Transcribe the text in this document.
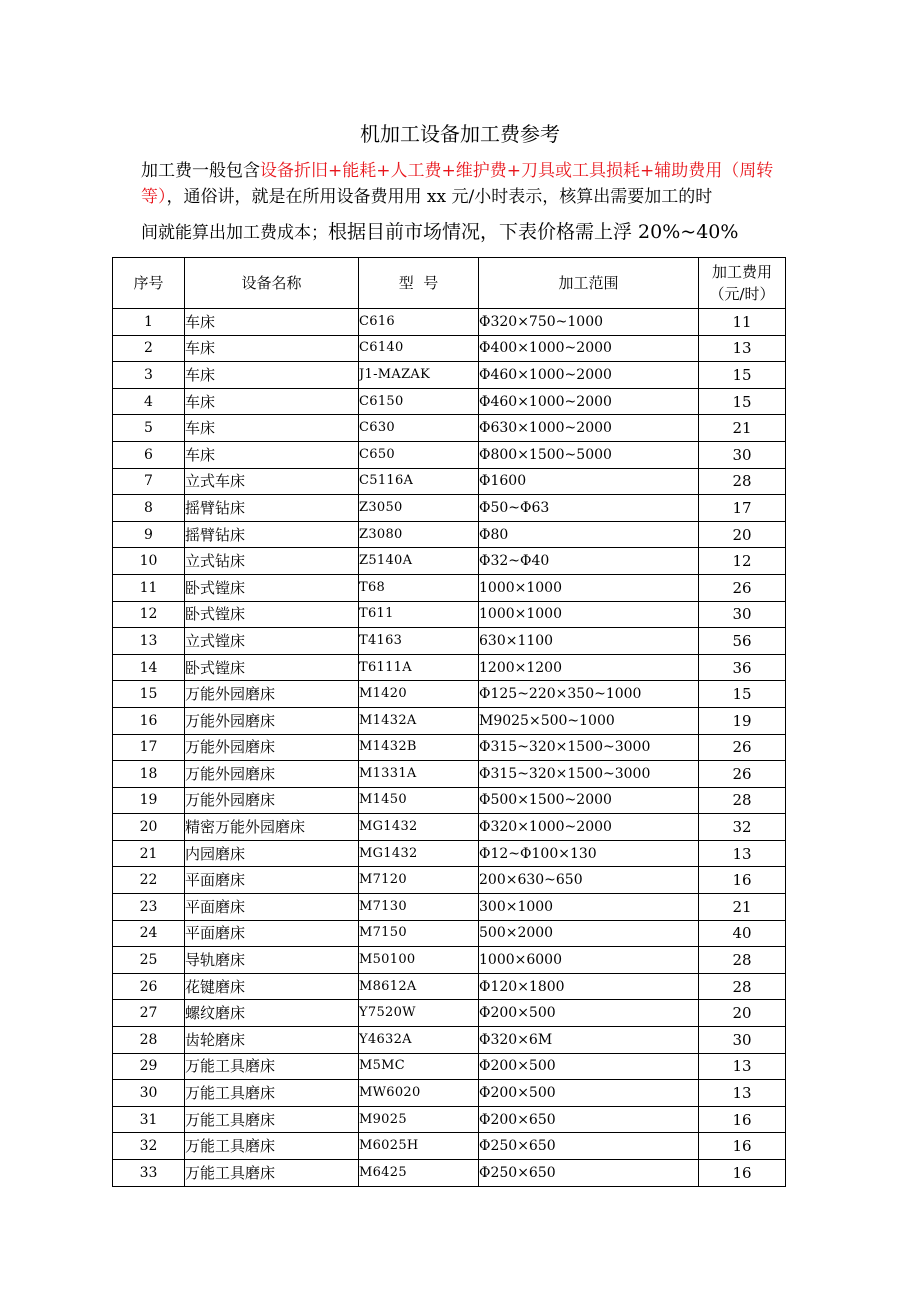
机加工设备加工费参考
加工费一般包含设备折旧+能耗+人工费+维护费+刀具或工具损耗+辅助费用（周转等），通俗讲，就是在所用设备费用用 xx 元/小时表示，核算出需要加工的时
间就能算出加工费成本；根据目前市场情况，下表价格需上浮 20%~40%
序号	设备名称	型  号	加工范围	加工费用
（元/时）

1	车床	C616	Φ320×750~1000	11
2	车床	C6140	Φ400×1000~2000	13
3	车床	J1-MAZAK	Φ460×1000~2000	15
4	车床	C6150	Φ460×1000~2000	15
5	车床	C630	Φ630×1000~2000	21
6	车床	C650	Φ800×1500~5000	30
7	立式车床	C5116A	Φ1600	28
8	摇臂钻床	Z3050	Φ50~Φ63	17
9	摇臂钻床	Z3080	Φ80	20
10	立式钻床	Z5140A	Φ32~Φ40	12
11	卧式镗床	T68	1000×1000	26
12	卧式镗床	T611	1000×1000	30
13	立式镗床	T4163	630×1100	56
14	卧式镗床	T6111A	1200×1200	36
15	万能外园磨床	M1420	Φ125~220×350~1000	15
16	万能外园磨床	M1432A	M9025×500~1000	19
17	万能外园磨床	M1432B	Φ315~320×1500~3000	26
18	万能外园磨床	M1331A	Φ315~320×1500~3000	26
19	万能外园磨床	M1450	Φ500×1500~2000	28
20	精密万能外园磨床	MG1432	Φ320×1000~2000	32
21	内园磨床	MG1432	Φ12~Φ100×130	13
22	平面磨床	M7120	200×630~650	16
23	平面磨床	M7130	300×1000	21
24	平面磨床	M7150	500×2000	40
25	导轨磨床	M50100	1000×6000	28
26	花键磨床	M8612A	Φ120×1800	28
27	螺纹磨床	Y7520W	Φ200×500	20
28	齿轮磨床	Y4632A	Φ320×6M	30
29	万能工具磨床	M5MC	Φ200×500	13
30	万能工具磨床	MW6020	Φ200×500	13
31	万能工具磨床	M9025	Φ200×650	16
32	万能工具磨床	M6025H	Φ250×650	16
33	万能工具磨床	M6425	Φ250×650	16
